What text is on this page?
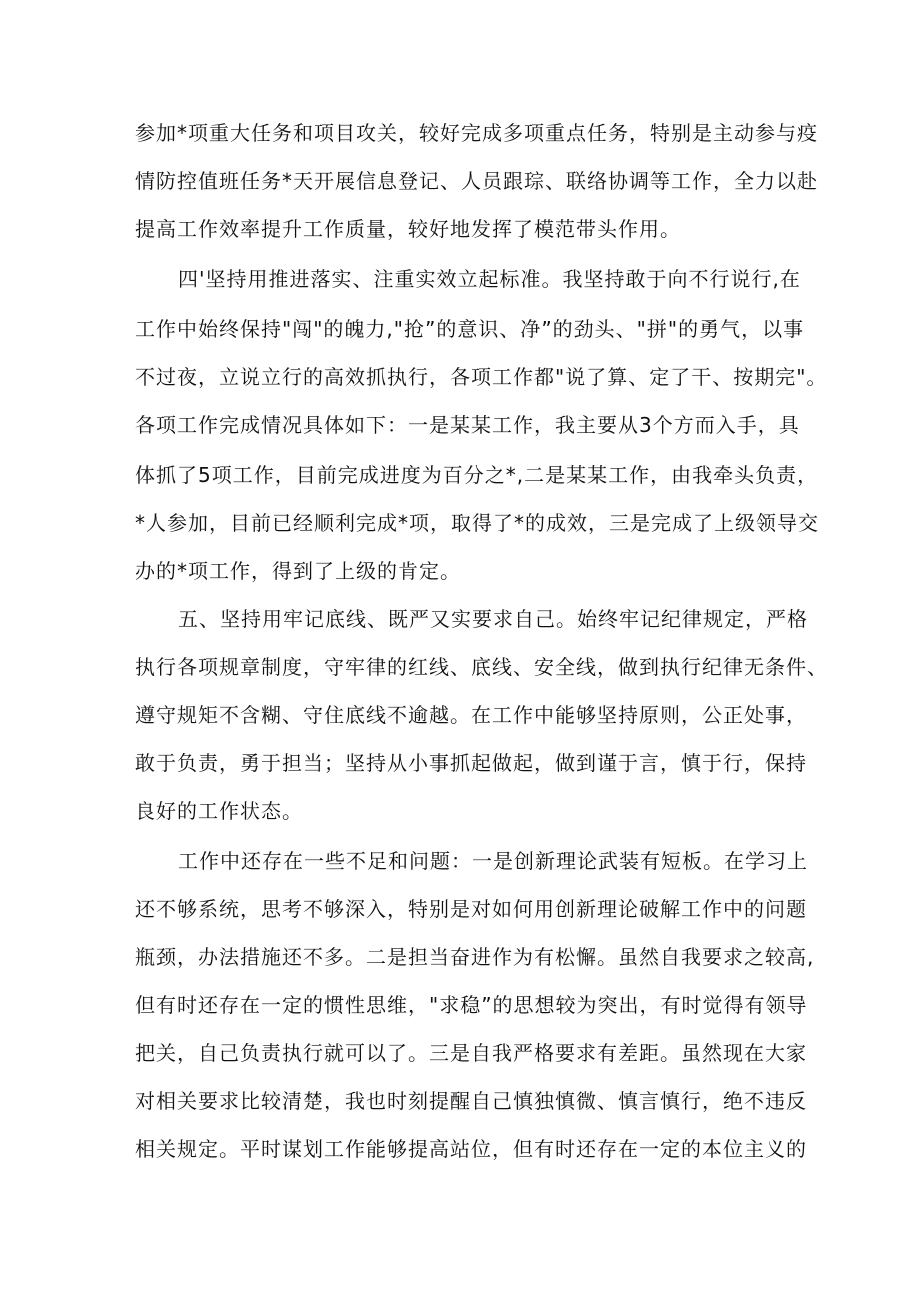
参加*项重大任务和项目攻关，较好完成多项重点任务，特别是主动参与疫
情防控值班任务*天开展信息登记、人员跟琮、联络协调等工作，全力以赴
提高工作效率提升工作质量，较好地发挥了模范带头作用。
四'坚持用推进落实、注重实效立起标准。我坚持敢于向不行说行,在
工作中始终保持"闯"的魄力,"抢”的意识、净”的劲头、"拼"的勇气，以事
不过夜，立说立行的高效抓执行，各项工作都"说了算、定了干、按期完"。
各项工作完成情况具体如下：一是某某工作，我主要从3个方而入手，具
体抓了5项工作，目前完成进度为百分之*,二是某某工作，由我牵头负责，
*人参加，目前已经顺利完成*项，取得了*的成效，三是完成了上级领导交
办的*项工作，得到了上级的肯定。
五、坚持用牢记底线、既严又实要求自己。始终牢记纪律规定，严格
执行各项规章制度，守牢律的红线、底线、安全线，做到执行纪律无条件、
遵守规矩不含糊、守住底线不逾越。在工作中能够坚持原则，公正处事，
敢于负责，勇于担当；坚持从小事抓起做起，做到谨于言，慎于行，保持
良好的工作状态。
工作中还存在一些不足和问题：一是创新理论武装有短板。在学习上
还不够系统，思考不够深入，特别是对如何用创新理论破解工作中的问题
瓶颈，办法措施还不多。二是担当奋进作为有松懈。虽然自我要求之较高,
但有时还存在一定的惯性思维，"求稳”的思想较为突出，有时觉得有领导
把关，自己负责执行就可以了。三是自我严格要求有差距。虽然现在大家
对相关要求比较清楚，我也时刻提醒自己慎独慎微、慎言慎行，绝不违反
相关规定。平时谋划工作能够提高站位，但有时还存在一定的本位主义的
